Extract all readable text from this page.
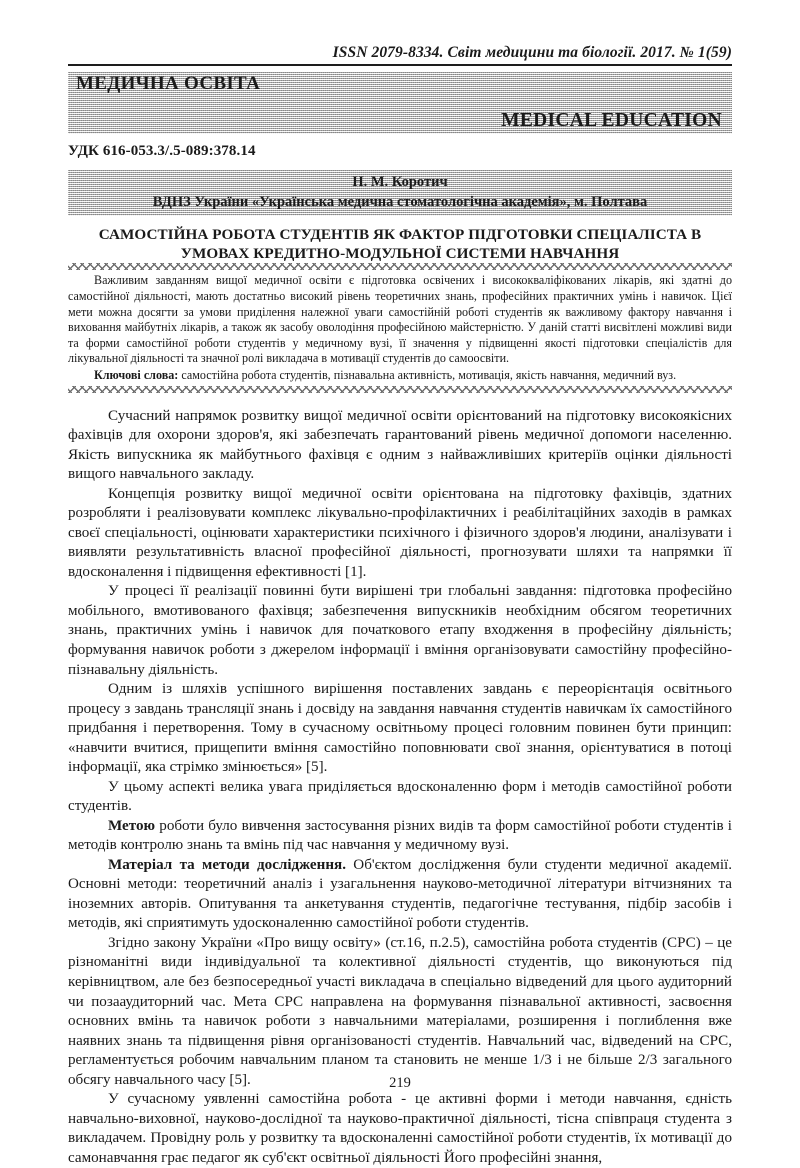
ISSN 2079-8334. Світ медицини та біології. 2017. № 1(59)
МЕДИЧНА ОСВІТА
MEDICAL EDUCATION
УДК 616-053.3/.5-089:378.14
Н. М. Коротич
ВДНЗ України «Українська медична стоматологічна академія», м. Полтава
САМОСТІЙНА РОБОТА СТУДЕНТІВ ЯК ФАКТОР ПІДГОТОВКИ СПЕЦІАЛІСТА В УМОВАХ КРЕДИТНО-МОДУЛЬНОЇ СИСТЕМИ НАВЧАННЯ

Важливим завданням вищої медичної освіти є підготовка освічених і висококваліфікованих лікарів, які здатні до самостійної діяльності, мають достатньо високий рівень теоретичних знань, професійних практичних умінь і навичок. Цієї мети можна досягти за умови приділення належної уваги самостійній роботі студентів як важливому фактору навчання і виховання майбутніх лікарів, а також як засобу оволодіння професійною майстерністю. У даній статті висвітлені можливі види та форми самостійної роботи студентів у медичному вузі, її значення у підвищенні якості підготовки спеціалістів для лікувальної діяльності та значної ролі викладача в мотивації студентів до самоосвіти.

Ключові слова: самостійна робота студентів, пізнавальна активність, мотивація, якість навчання, медичний вуз.

Сучасний напрямок розвитку вищої медичної освіти орієнтований на підготовку високоякісних фахівців для охорони здоров'я, які забезпечать гарантований рівень медичної допомоги населенню. Якість випускника як майбутнього фахівця є одним з найважливіших критеріїв оцінки діяльності вищого навчального закладу.

Концепція розвитку вищої медичної освіти орієнтована на підготовку фахівців, здатних розробляти і реалізовувати комплекс лікувально-профілактичних і реабілітаційних заходів в рамках своєї спеціальності, оцінювати характеристики психічного і фізичного здоров'я людини, аналізувати і виявляти результативність власної професійної діяльності, прогнозувати шляхи та напрямки її вдосконалення і підвищення ефективності [1].

У процесі її реалізації повинні бути вирішені три глобальні завдання: підготовка професійно мобільного, вмотивованого фахівця; забезпечення випускників необхідним обсягом теоретичних знань, практичних умінь і навичок для початкового етапу входження в професійну діяльність; формування навичок роботи з джерелом інформації і вміння організовувати самостійну професійно-пізнавальну діяльність.

Одним із шляхів успішного вирішення поставлених завдань є переорієнтація освітнього процесу з завдань трансляції знань і досвіду на завдання навчання студентів навичкам їх самостійного придбання і перетворення. Тому в сучасному освітньому процесі головним повинен бути принцип: «навчити вчитися, прищепити вміння самостійно поповнювати свої знання, орієнтуватися в потоці інформації, яка стрімко змінюється» [5].

У цьому аспекті велика увага приділяється вдосконаленню форм і методів самостійної роботи студентів.

Метою роботи було вивчення застосування різних видів та форм самостійної роботи студентів і методів контролю знань та вмінь під час навчання у медичному вузі.

Матеріал та методи дослідження. Об'єктом дослідження були студенти медичної академії. Основні методи: теоретичний аналіз і узагальнення науково-методичної літератури вітчизняних та іноземних авторів. Опитування та анкетування студентів, педагогічне тестування, підбір засобів і методів, які сприятимуть удосконаленню самостійної роботи студентів.

Згідно закону України «Про вищу освіту» (ст.16, п.2.5), самостійна робота студентів (СРС) – це різноманітні види індивідуальної та колективної діяльності студентів, що виконуються під керівництвом, але без безпосередньої участі викладача в спеціально відведений для цього аудиторний чи позааудиторний час. Мета СРС направлена на формування пізнавальної активності, засвоєння основних вмінь та навичок роботи з навчальними матеріалами, розширення і поглиблення вже наявних знань та підвищення рівня організованості студентів. Навчальний час, відведений на СРС, регламентується робочим навчальним планом та становить не менше 1/3 і не більше 2/3 загального обсягу навчального часу [5].

У сучасному уявленні самостійна робота - це активні форми і методи навчання, єдність навчально-виховної, науково-дослідної та науково-практичної діяльності, тісна співпраця студента з викладачем. Провідну роль у розвитку та вдосконаленні самостійної роботи студентів, їх мотивації до самонавчання грає педагог як суб'єкт освітньої діяльності Його професійні знання,

219
